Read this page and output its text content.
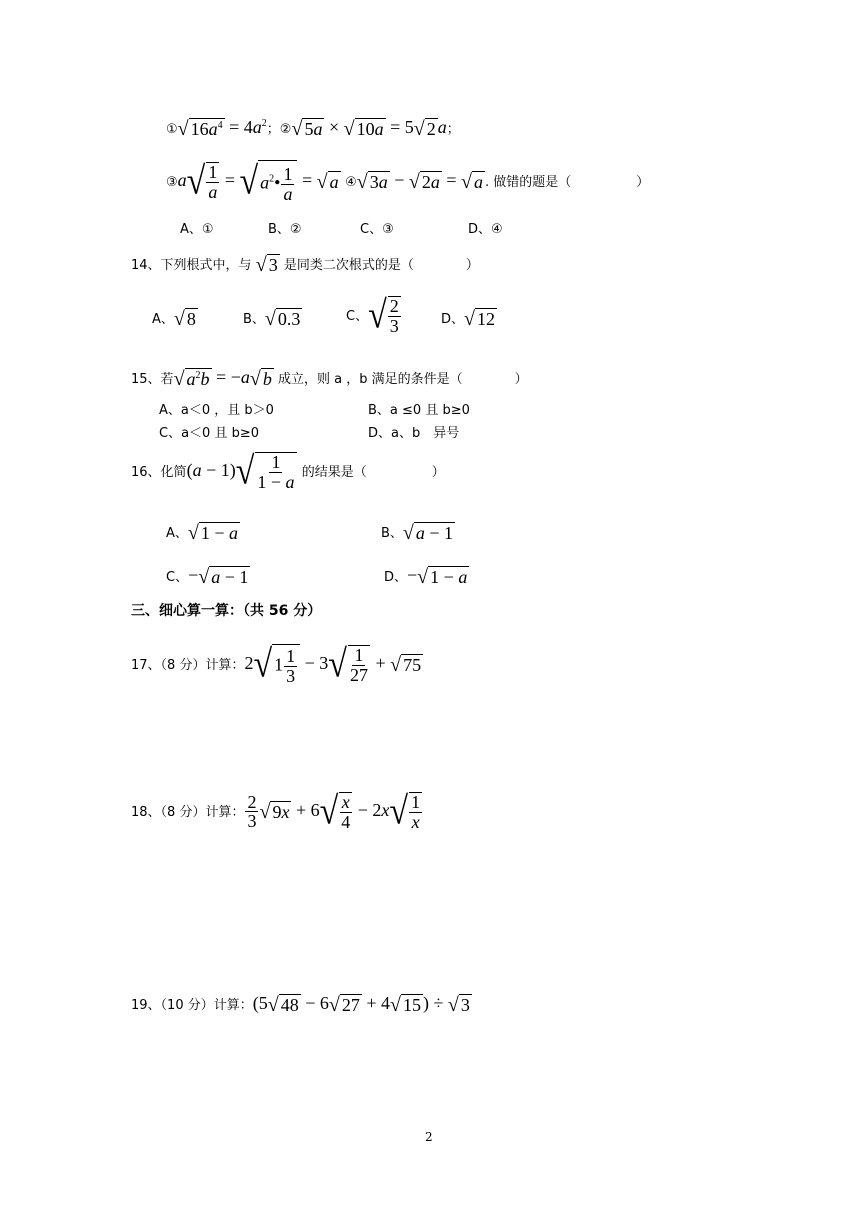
①√ $16a^4 = 4a^2$；②√ 5a × √ 10a = 5√ 2 a；
③a√ $\frac{1}{a}$ = √ $a^2• \frac{1}{a}$ = √ a ④√ 3a − √ 2a = √ a . 做错的题是（　　　　　）
A、①	B、②	C、③	D、④
14、下列根式中，与 √ 3 是同类二次根式的是（　　　　）
A、√ 8	B、√ 0.3	C、√ $\frac{2}{3}$	D、√ 12
15、若√ $a^2b = -a√$ b 成立，则 a ，b 满足的条件是（　　　　）
A、a＜0 ，且 b＞0	B、a ≤0 且 b≥0
C、a＜0 且 b≥0	D、a、b　异号
16、化简$(a - 1)√ \frac{1}{1 - a}$ 的结果是（　　　　　）
A、√ 1 − a	B、√ a − 1
C、−√ a − 1	D、−√ 1 − a
三、细心算一算：（共 56 分）
17、（8 分）计算：2√ $1 \frac{1}{3} - 3√ \frac{1}{27}$ + √ 75
18、（8 分）计算： $\frac{2}{3}$ √ $9x + 6√ \frac{x}{4} - 2x√ \frac{1}{x}$
19、（10 分）计算：(5√ 48 − 6√ 27 + 4√ 15 ) ÷ √ 3
2
